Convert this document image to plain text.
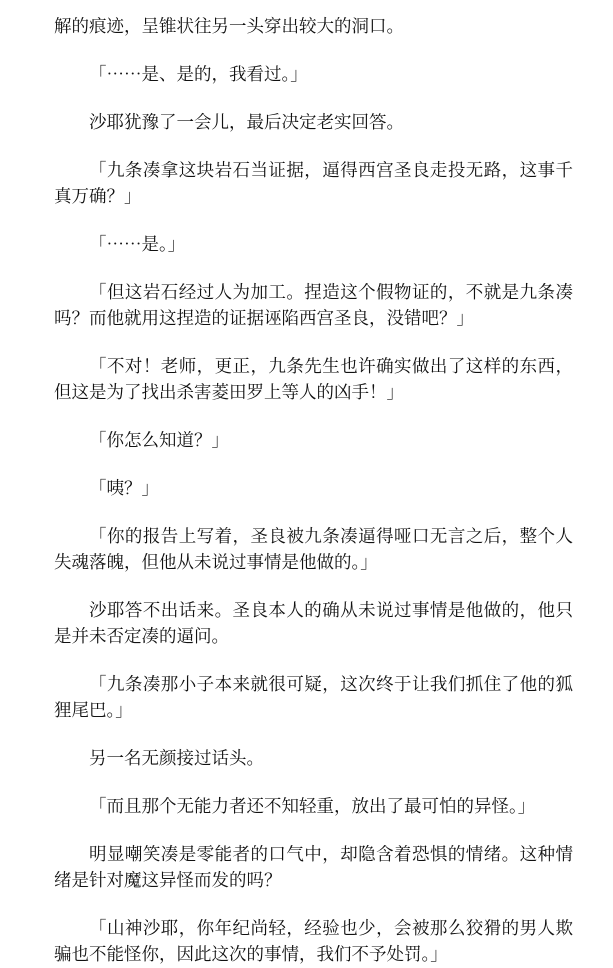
解的痕迹，呈锥状往另一头穿出较大的洞口。

「⋯⋯是、是的，我看过。」

沙耶犹豫了一会儿，最后决定老实回答。

「九条凑拿这块岩石当证据，逼得西宫圣良走投无路，这事千真万确？」

「⋯⋯是。」

「但这岩石经过人为加工。捏造这个假物证的，不就是九条凑吗？而他就用这捏造的证据诬陷西宫圣良，没错吧？」

「不对！老师，更正，九条先生也许确实做出了这样的东西，但这是为了找出杀害菱田罗上等人的凶手！」

「你怎么知道？」

「咦？」

「你的报告上写着，圣良被九条凑逼得哑口无言之后，整个人失魂落魄，但他从未说过事情是他做的。」

沙耶答不出话来。圣良本人的确从未说过事情是他做的，他只是并未否定凑的逼问。

「九条凑那小子本来就很可疑，这次终于让我们抓住了他的狐狸尾巴。」

另一名无颜接过话头。

「而且那个无能力者还不知轻重，放出了最可怕的异怪。」

明显嘲笑凑是零能者的口气中，却隐含着恐惧的情绪。这种情绪是针对魔这异怪而发的吗？

「山神沙耶，你年纪尚轻，经验也少，会被那么狡猾的男人欺骗也不能怪你，因此这次的事情，我们不予处罚。」
